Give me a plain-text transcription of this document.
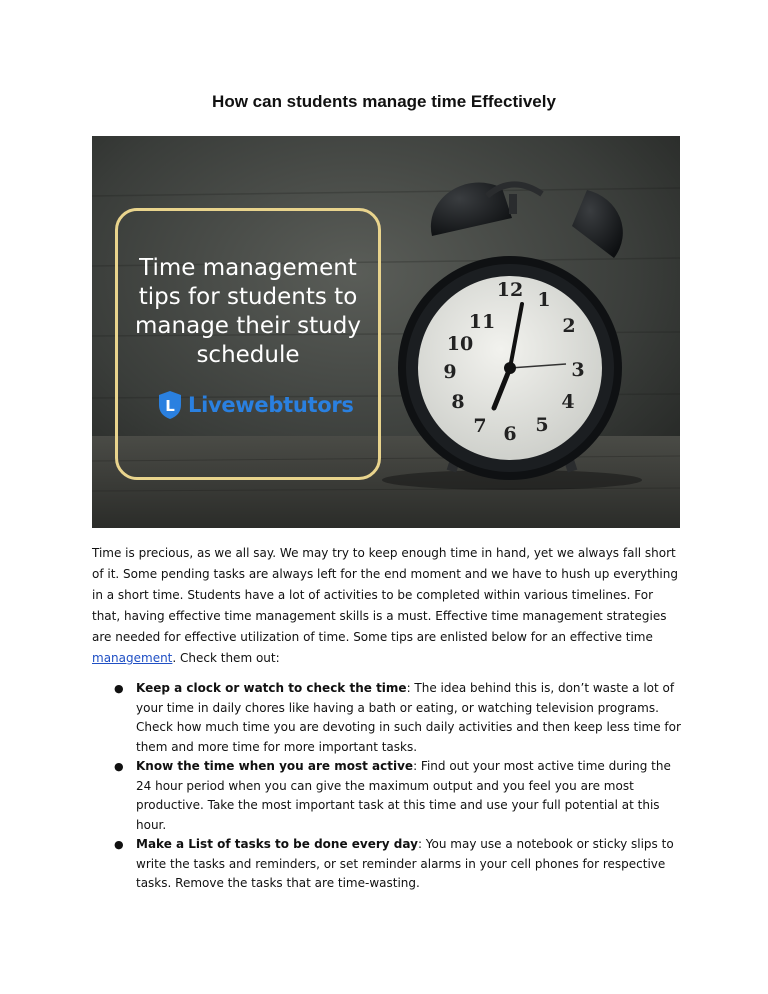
How can students manage time Effectively
12 1
2
3
4
5
6
7
8
9
10
11
Time management
tips for students to
manage their study
schedule
L Livewebtutors

Time is precious, as we all say. We may try to keep enough time in hand, yet we always fall short of it. Some pending tasks are always left for the end moment and we have to hush up everything in a short time. Students have a lot of activities to be completed within various timelines. For that, having effective time management skills is a must. Effective time management strategies are needed for effective utilization of time. Some tips are enlisted below for an effective time management. Check them out:

● Keep a clock or watch to check the time: The idea behind this is, don’t waste a lot of your time in daily chores like having a bath or eating, or watching television programs. Check how much time you are devoting in such daily activities and then keep less time for them and more time for more important tasks.
● Know the time when you are most active: Find out your most active time during the 24 hour period when you can give the maximum output and you feel you are most productive. Take the most important task at this time and use your full potential at this hour.
● Make a List of tasks to be done every day: You may use a notebook or sticky slips to write the tasks and reminders, or set reminder alarms in your cell phones for respective tasks. Remove the tasks that are time-wasting.
